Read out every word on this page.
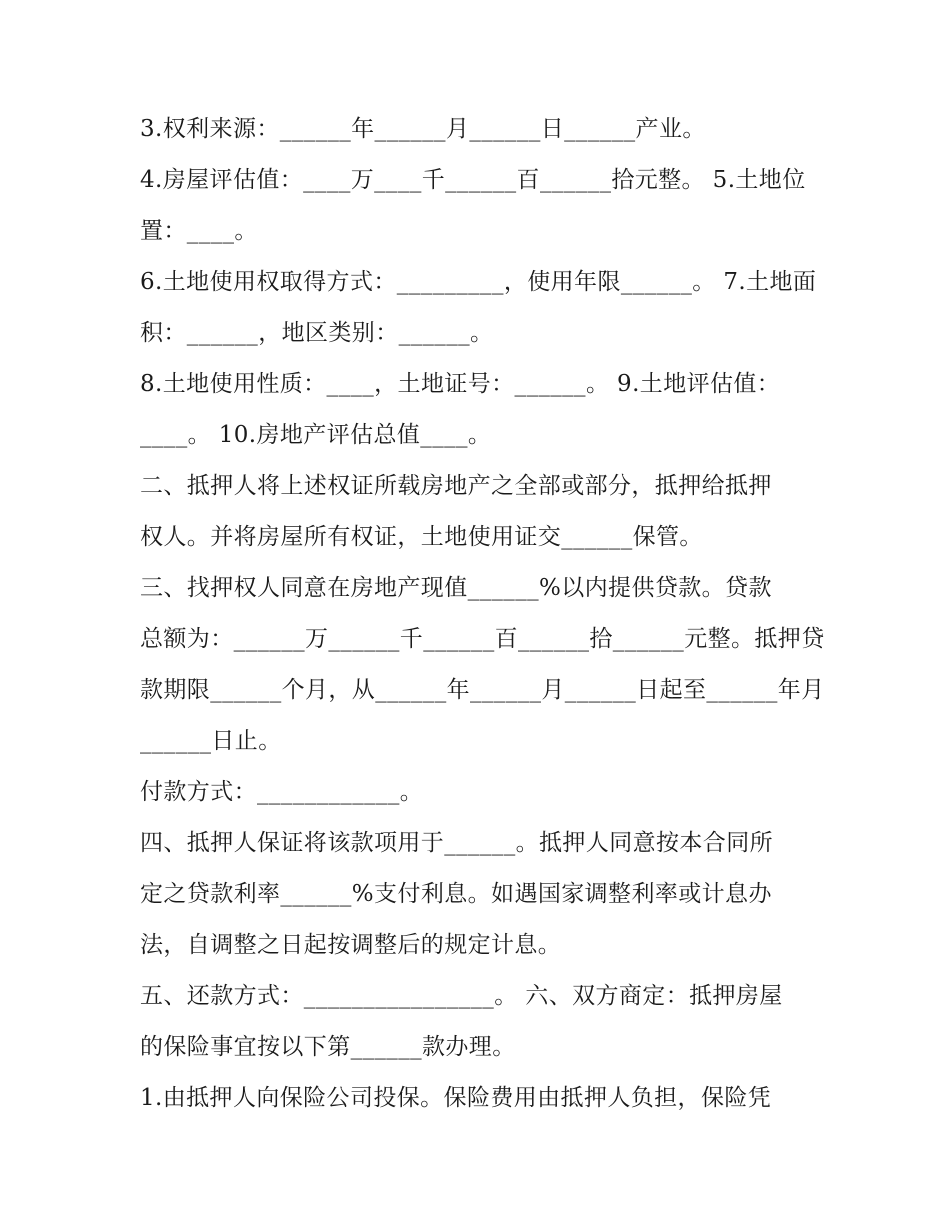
3.权利来源：______年______月______日______产业。
4.房屋评估值：____万____千______百______拾元整。 5.土地位
置：____。
6.土地使用权取得方式：_________，使用年限______。 7.土地面
积：______，地区类别：______。
8.土地使用性质：____，土地证号：______。 9.土地评估值：
____。 10.房地产评估总值____。
二、抵押人将上述权证所载房地产之全部或部分，抵押给抵押
权人。并将房屋所有权证，土地使用证交______保管。
三、找押权人同意在房地产现值______%以内提供贷款。贷款
总额为：______万______千______百______拾______元整。抵押贷
款期限______个月，从______年______月______日起至______年月
______日止。
付款方式：____________。
四、抵押人保证将该款项用于______。抵押人同意按本合同所
定之贷款利率______%支付利息。如遇国家调整利率或计息办
法，自调整之日起按调整后的规定计息。
五、还款方式：________________。 六、双方商定：抵押房屋
的保险事宜按以下第______款办理。
1.由抵押人向保险公司投保。保险费用由抵押人负担，保险凭
